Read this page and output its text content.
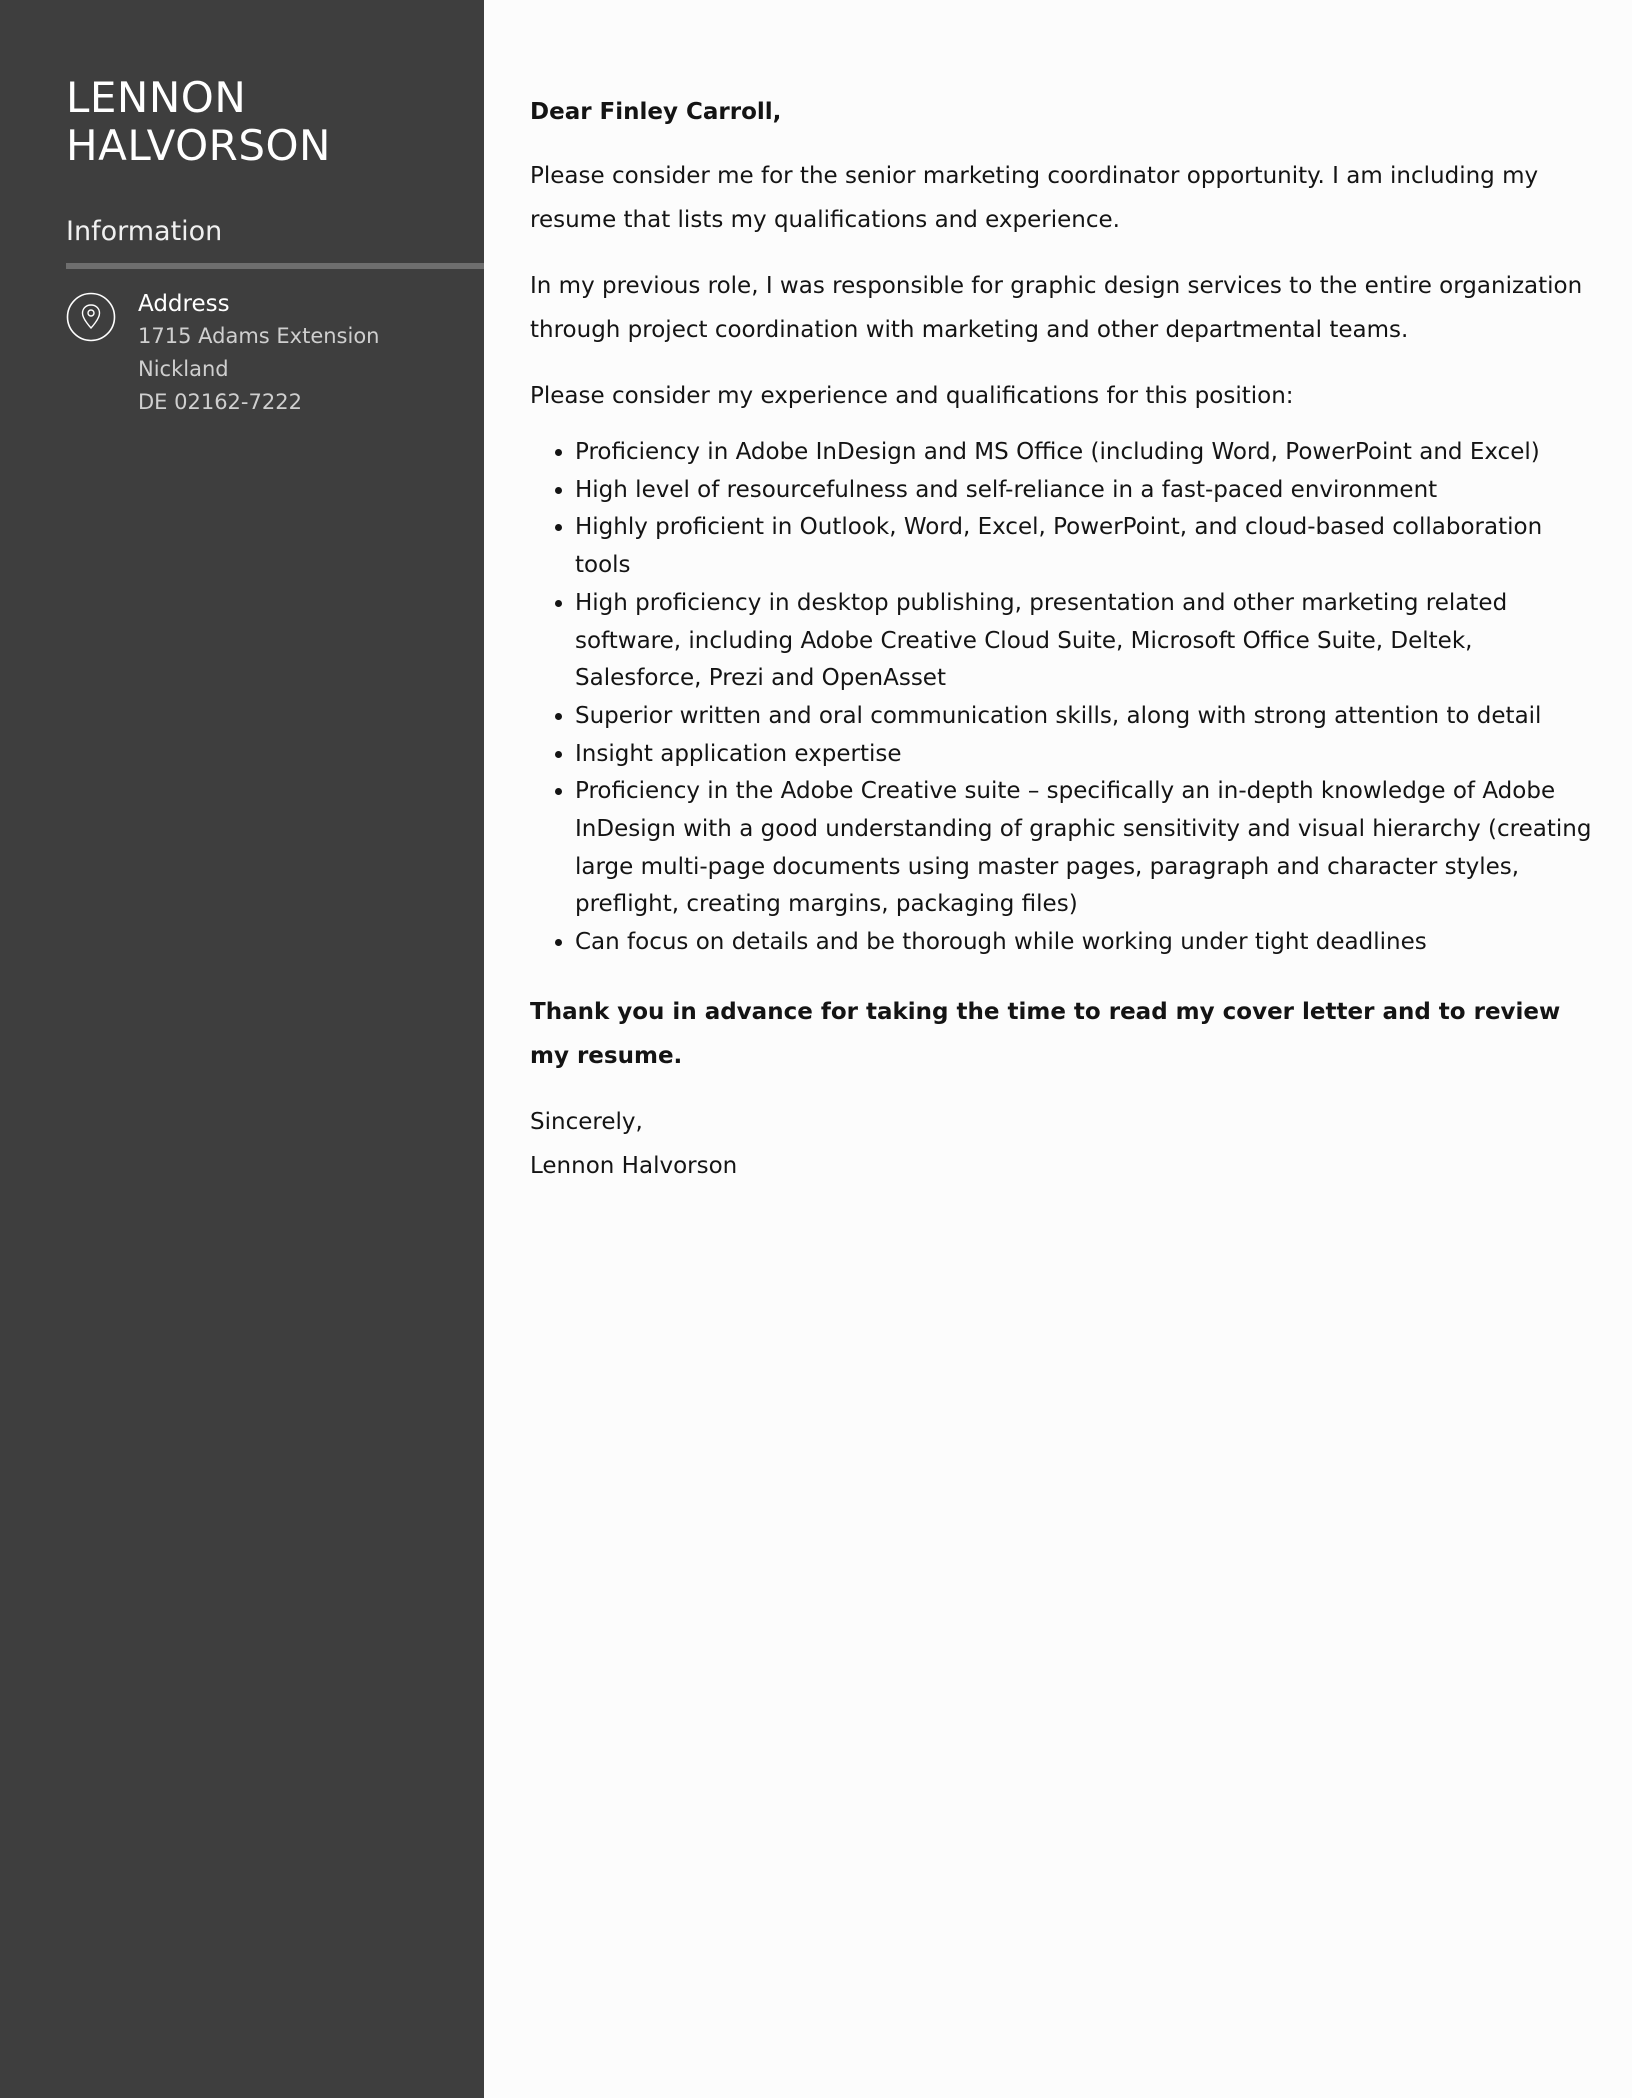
LENNON
HALVORSON
Information
Address
1715 Adams Extension
Nickland
DE 02162-7222

Dear Finley Carroll,

Please consider me for the senior marketing coordinator opportunity. I am including my resume that lists my qualifications and experience.

In my previous role, I was responsible for graphic design services to the entire organization through project coordination with marketing and other departmental teams.

Please consider my experience and qualifications for this position:

• Proficiency in Adobe InDesign and MS Office (including Word, PowerPoint and Excel)
• High level of resourcefulness and self-reliance in a fast-paced environment
• Highly proficient in Outlook, Word, Excel, PowerPoint, and cloud-based collaboration tools
• High proficiency in desktop publishing, presentation and other marketing related software, including Adobe Creative Cloud Suite, Microsoft Office Suite, Deltek, Salesforce, Prezi and OpenAsset
• Superior written and oral communication skills, along with strong attention to detail
• Insight application expertise
• Proficiency in the Adobe Creative suite – specifically an in-depth knowledge of Adobe InDesign with a good understanding of graphic sensitivity and visual hierarchy (creating large multi-page documents using master pages, paragraph and character styles, preflight, creating margins, packaging files)
• Can focus on details and be thorough while working under tight deadlines

Thank you in advance for taking the time to read my cover letter and to review my resume.

Sincerely,

Lennon Halvorson
